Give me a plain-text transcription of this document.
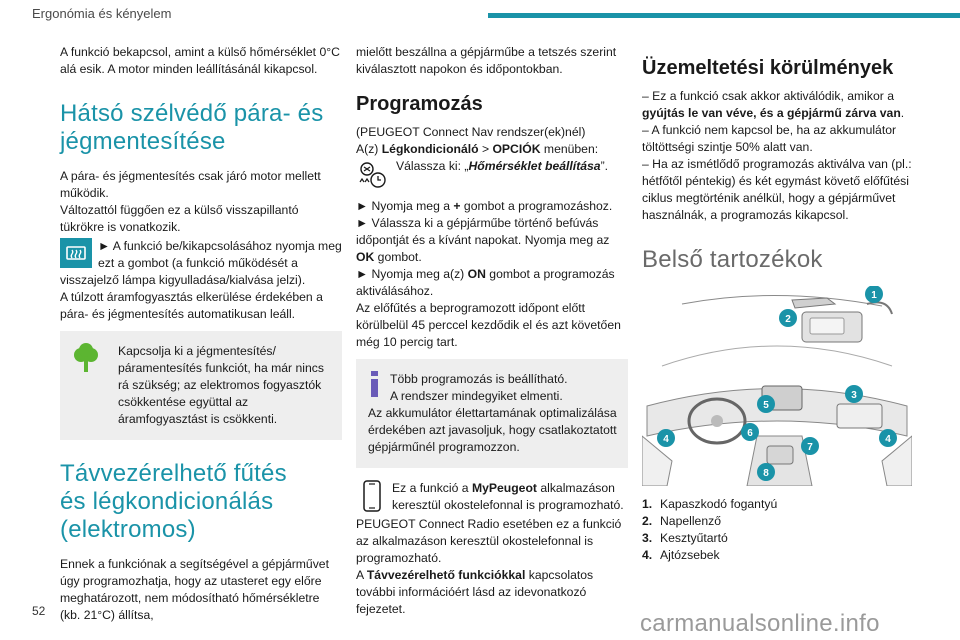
Ergonómia és kényelem

A funkció bekapcsol, amint a külső hőmérséklet 0°C alá esik. A motor minden leállításánál kikapcsol.

Hátsó szélvédő pára- és
jégmentesítése

A pára- és jégmentesítés csak járó motor mellett működik.

Változattól függően ez a külső visszapillantó tükrökre is vonatkozik.

► A funkció be/kikapcsolásához nyomja meg ezt a gombot (a funkció működését a visszajelző lámpa kigyulladása/kialvása jelzi).

A túlzott áramfogyasztás elkerülése érdekében a pára- és jégmentesítés automatikusan leáll.

Kapcsolja ki a jégmentesítés/ páramentesítés funkciót, ha már nincs rá szükség; az elektromos fogyasztók csökkentése együttal az áramfogyasztást is csökkenti.

Távvezérelhető fűtés
és légkondicionálás
(elektromos)

Ennek a funkciónak a segítségével a gépjárművet úgy programozhatja, hogy az utasteret egy előre meghatározott, nem módosítható hőmérsékletre (kb. 21°C) állítsa,

mielőtt beszállna a gépjárműbe a tetszés szerint kiválasztott napokon és időpontokban.

Programozás

(PEUGEOT Connect Nav rendszer(ek)nél)

A(z) Légkondicionáló > OPCIÓK menüben:

Válassza ki: „Hőmérséklet beállítása”.

► Nyomja meg a + gombot a programozáshoz.

► Válassza ki a gépjárműbe történő befúvás időpontját és a kívánt napokat. Nyomja meg az OK gombot.

► Nyomja meg a(z) ON gombot a programozás aktiválásához.

Az előfűtés a beprogramozott időpont előtt körülbelül 45 perccel kezdődik el és azt követően még 10 percig tart.

Több programozás is beállítható.

A rendszer mindegyiket elmenti.

Az akkumulátor élettartamának optimalizálása érdekében azt javasoljuk, hogy csatlakoztatott gépjárműnél programozzon.

Ez a funkció a MyPeugeot alkalmazáson keresztül okostelefonnal is programozható.

PEUGEOT Connect Radio esetében ez a funkció az alkalmazáson keresztül okostelefonnal is programozható.

A Távvezérelhető funkciókkal kapcsolatos további információért lásd az idevonatkozó fejezetet.

Üzemeltetési körülmények

– Ez a funkció csak akkor aktiválódik, amikor a gyújtás le van véve, és a gépjármű zárva van.

– A funkció nem kapcsol be, ha az akkumulátor töltöttségi szintje 50% alatt van.

– Ha az ismétlődő programozás aktiválva van (pl.: hétfőtől péntekig) és két egymást követő előfűtési ciklus megtörténik anélkül, hogy a gépjárművet használnák, a programozás kikapcsol.

Belső tartozékok
1
2
3
4	4
5
6
7
8
1. Kapaszkodó fogantyú
2. Napellenző
3. Kesztyűtartó
4. Ajtózsebek
52	carmanualsonline.info
